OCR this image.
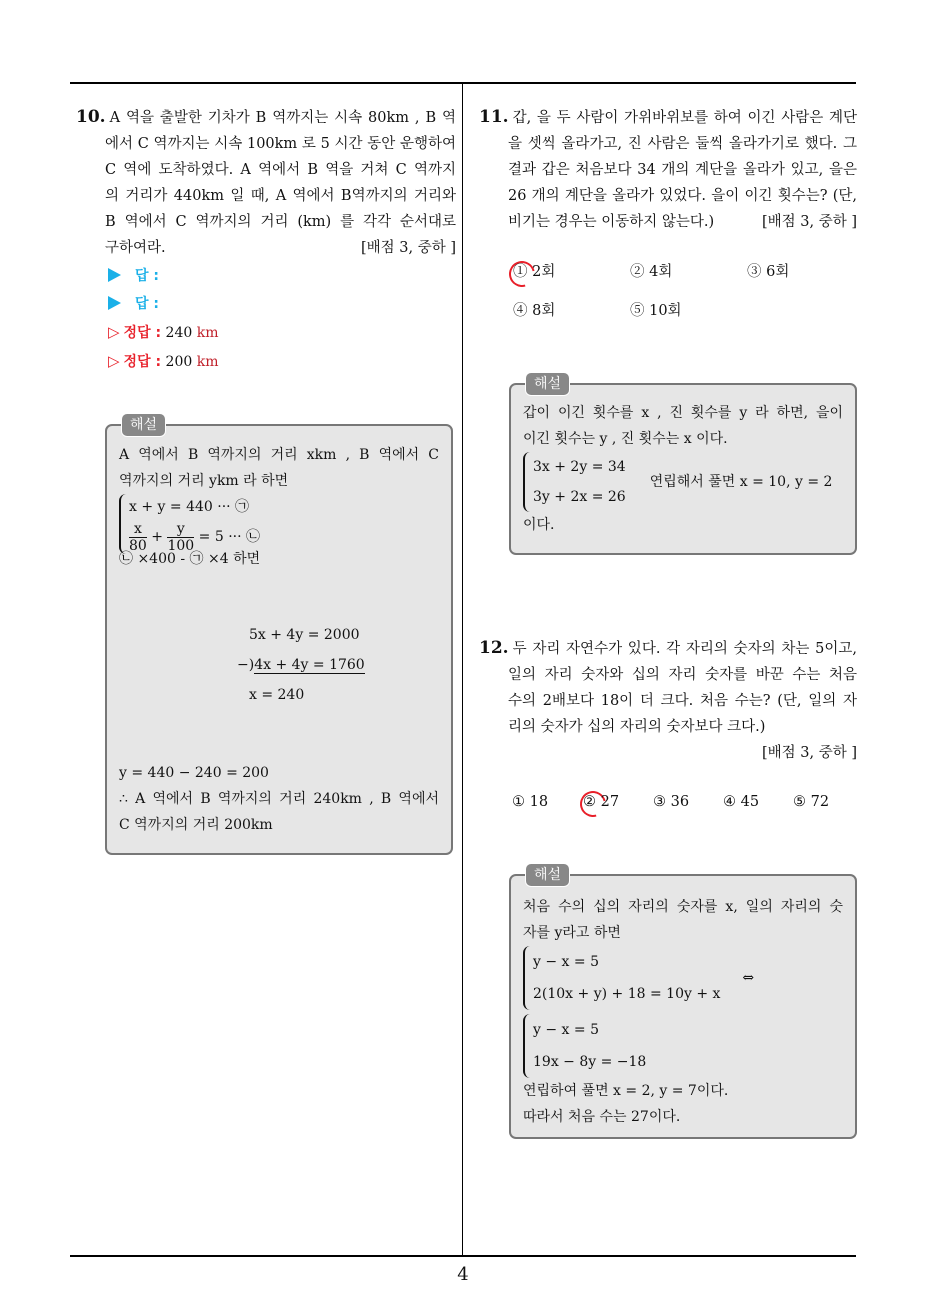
4
10. A 역을 출발한 기차가 B 역까지는 시속 80km , B 역
에서 C 역까지는 시속 100km 로 5 시간 동안 운행하여
C 역에 도착하였다. A 역에서 B 역을 거쳐 C 역까지
의 거리가 440km 일 때, A 역에서 B역까지의 거리와
B 역에서 C 역까지의 거리 (km) 를 각각 순서대로
구하여라.	[배점 3, 중하 ]
답 :
답 :
▷ 정답 : 240 km
▷ 정답 : 200 km
해설
A 역에서 B 역까지의 거리 xkm , B 역에서 C
역까지의 거리 ykm 라 하면
x + y = 440 ··· ㉠
$\frac{x}{80} + \frac{y}{100} = 5$ ··· ㉡
㉡ ×400 - ㉠ ×4 하면
5x + 4y = 2000
−)4x + 4y = 1760
x = 240
y = 440 − 240 = 200
∴ A 역에서 B 역까지의 거리 240km , B 역에서
C 역까지의 거리 200km
11. 갑, 을 두 사람이 가위바위보를 하여 이긴 사람은 계단
을 셋씩 올라가고, 진 사람은 둘씩 올라가기로 했다. 그
결과 갑은 처음보다 34 개의 계단을 올라가 있고, 을은
26 개의 계단을 올라가 있었다. 을이 이긴 횟수는? (단,
비기는 경우는 이동하지 않는다.)	[배점 3, 중하 ]
① 2회	② 4회	③ 6회
④ 8회	⑤ 10회
해설
갑이 이긴 횟수를 x , 진 횟수를 y 라 하면, 을이
이긴 횟수는 y , 진 횟수는 x 이다.
3x + 2y = 34
3y + 2x = 26
연립해서 풀면 x = 10, y = 2
이다.
12. 두 자리 자연수가 있다. 각 자리의 숫자의 차는 5이고,
일의 자리 숫자와 십의 자리 숫자를 바꾼 수는 처음
수의 2배보다 18이 더 크다. 처음 수는? (단, 일의 자
리의 숫자가 십의 자리의 숫자보다 크다.)
[배점 3, 중하 ]
① 18 ② 27 ③ 36 ④ 45 ⑤ 72
해설
처음 수의 십의 자리의 숫자를 x, 일의 자리의 숫
자를 y라고 하면
y − x = 5
2(10x + y) + 18 = 10y + x
⇔
y − x = 5
19x − 8y = −18
연립하여 풀면 x = 2, y = 7이다.
따라서 처음 수는 27이다.
